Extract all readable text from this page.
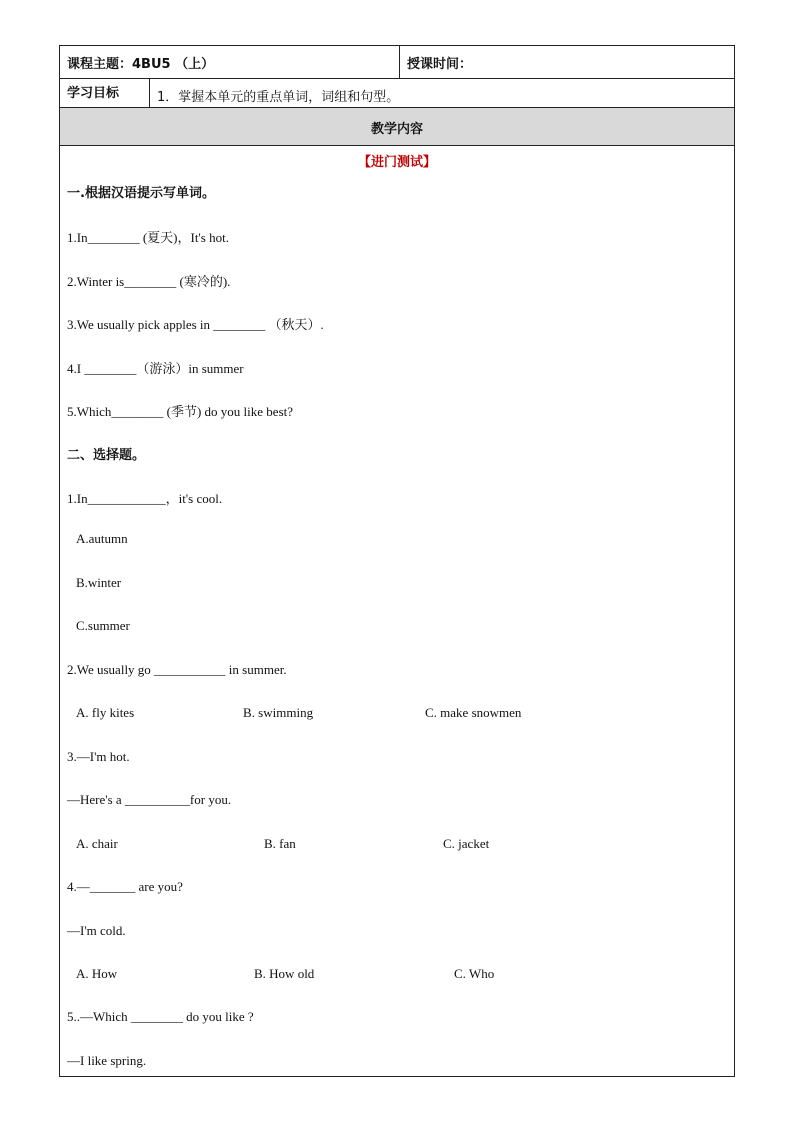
课程主题：4BU5 （上）	授课时间：
学习目标	1．掌握本单元的重点单词，词组和句型。
教学内容
【进门测试】
一.根据汉语提示写单词。
1.In________ (夏天)，It's hot.
2.Winter is________ (寒冷的).
3.We usually pick apples in ________ （秋天）.
4.I ________（游泳）in summer
5.Which________ (季节) do you like best?
二、选择题。
1.In____________，it's cool.
A.autumn
B.winter
C.summer
2.We usually go ___________ in summer.
A. fly kites	B. swimming	C. make snowmen
3.—I'm hot.
—Here's a __________for you.
A. chair	B. fan	C. jacket
4.—_______ are you?
—I'm cold.
A. How	B. How old	C. Who
5..—Which ________ do you like ?
—I like spring.
